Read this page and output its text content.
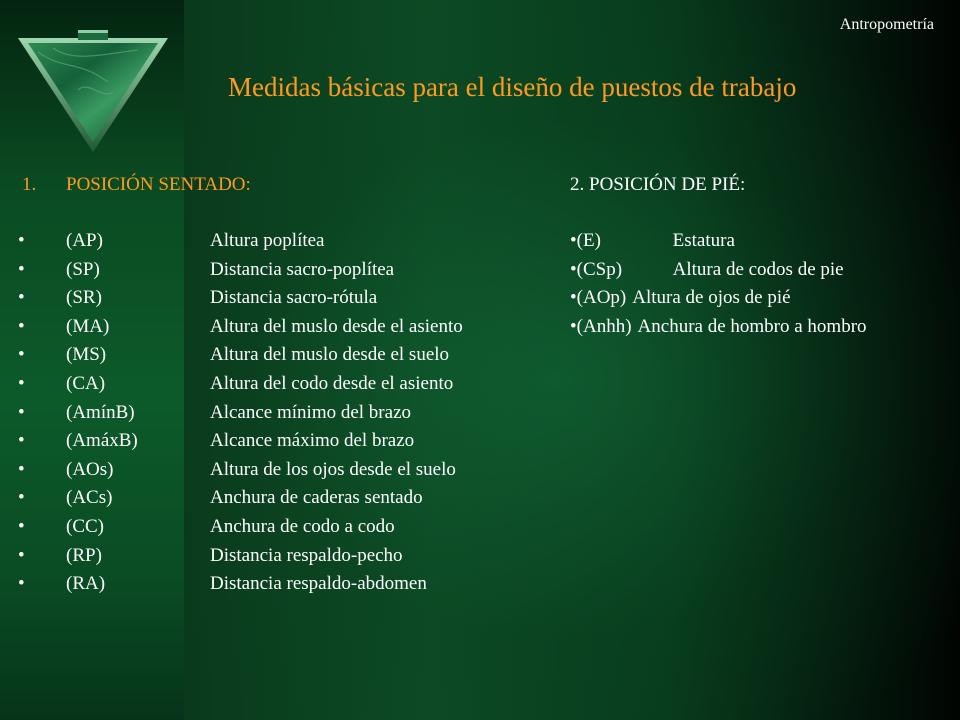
Antropometría
Medidas básicas para el diseño de puestos de trabajo
1. POSICIÓN SENTADO:
•	(AP)	Altura poplítea
•	(SP)	Distancia sacro-poplítea
•	(SR)	Distancia sacro-rótula
•	(MA)	Altura del muslo desde el asiento
•	(MS)	Altura del muslo desde el suelo
•	(CA)	Altura del codo desde el asiento
•	(AmínB)	Alcance mínimo del brazo
•	(AmáxB)	Alcance máximo del brazo
•	(AOs)	Altura de los ojos desde el suelo
•	(ACs)	Anchura de caderas sentado
•	(CC)	Anchura de codo a codo
•	(RP)	Distancia respaldo-pecho
•	(RA)	Distancia respaldo-abdomen
2. POSICIÓN DE PIÉ:
• (E)	Estatura
• (CSp)	Altura de codos de pie
• (AOp) Altura de ojos de pié
• (Anhh) Anchura de hombro a hombro
